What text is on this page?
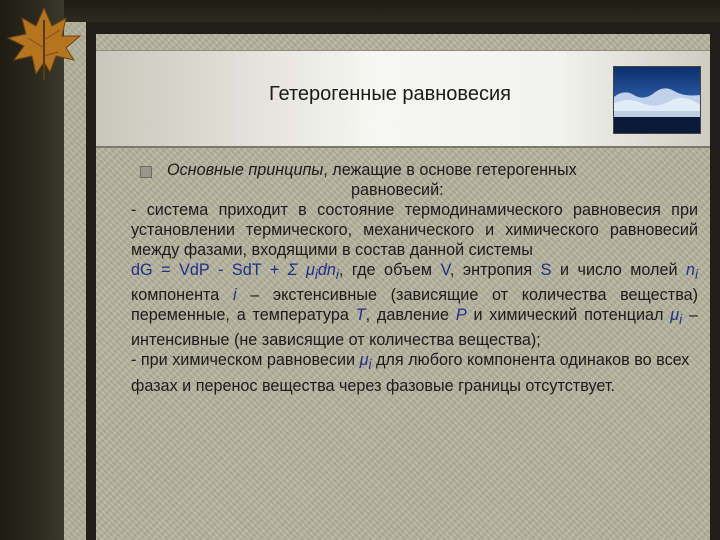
Гетерогенные равновесия

Основные принципы, лежащие в основе гетерогенных

равновесий:

- система приходит в состояние термодинамического равновесия при установлении термического, механического и химического равновесий между фазами, входящими в состав данной системы

dG = VdP - SdT + Σ $\mu_idn_i$, где объем V, энтропия S и число молей $n_i$ компонента i – экстенсивные (зависящие от количества вещества) переменные, а температура T, давление P и химический потенциал $\mu_i$ – интенсивные (не зависящие от количества вещества);

- при химическом равновесии $\mu_i$ для любого компонента одинаков во всех фазах и перенос вещества через фазовые границы отсутствует.
